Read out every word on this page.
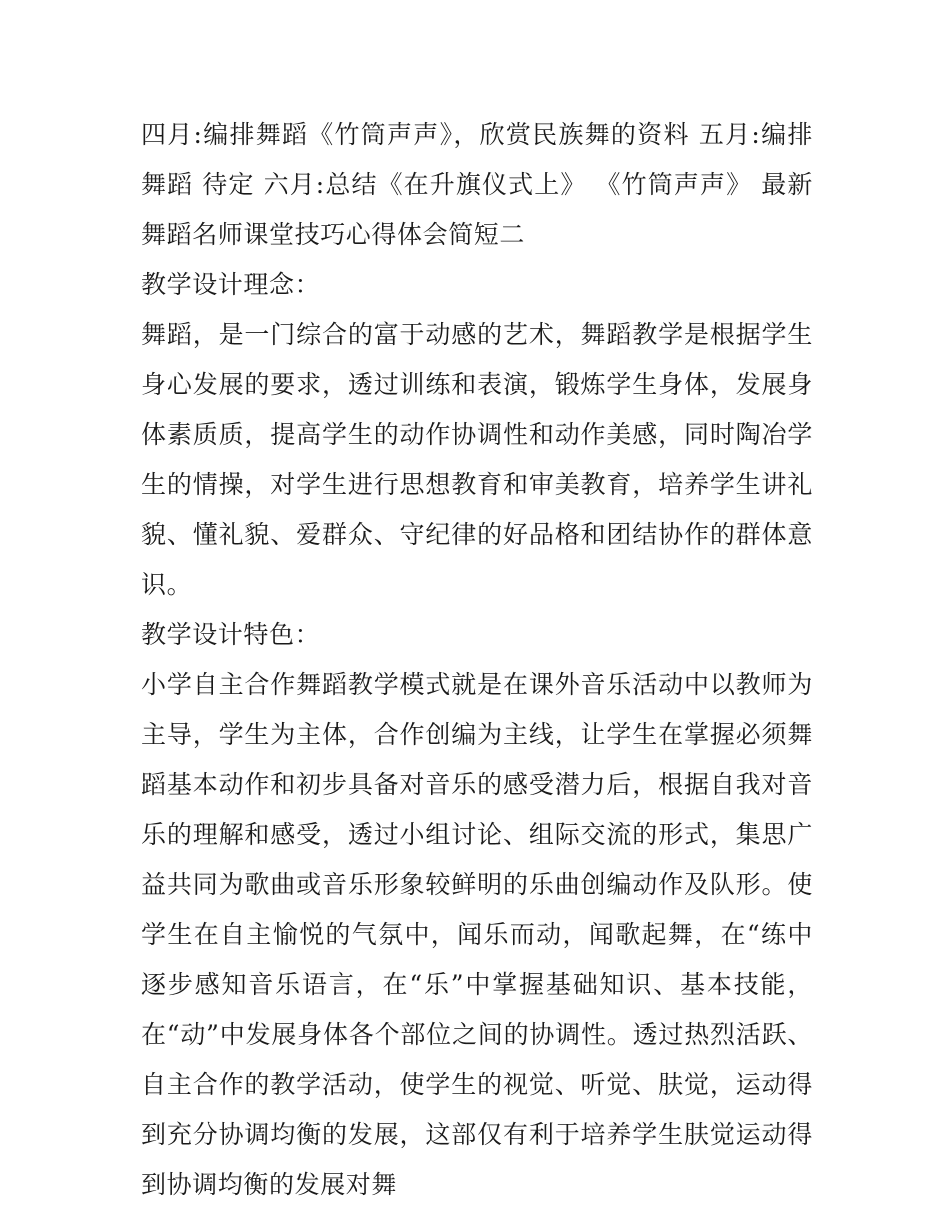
四月:编排舞蹈《竹筒声声》，欣赏民族舞的资料 五月:编排舞蹈 待定 六月:总结《在升旗仪式上》 《竹筒声声》 最新舞蹈名师课堂技巧心得体会简短二

教学设计理念：

舞蹈，是一门综合的富于动感的艺术，舞蹈教学是根据学生身心发展的要求，透过训练和表演，锻炼学生身体，发展身体素质质，提高学生的动作协调性和动作美感，同时陶冶学生的情操，对学生进行思想教育和审美教育，培养学生讲礼貌、懂礼貌、爱群众、守纪律的好品格和团结协作的群体意识。

教学设计特色：

小学自主合作舞蹈教学模式就是在课外音乐活动中以教师为主导，学生为主体，合作创编为主线，让学生在掌握必须舞蹈基本动作和初步具备对音乐的感受潜力后，根据自我对音乐的理解和感受，透过小组讨论、组际交流的形式，集思广益共同为歌曲或音乐形象较鲜明的乐曲创编动作及队形。使学生在自主愉悦的气氛中，闻乐而动，闻歌起舞，在“练中逐步感知音乐语言，在“乐”中掌握基础知识、基本技能，在“动”中发展身体各个部位之间的协调性。透过热烈活跃、自主合作的教学活动，使学生的视觉、听觉、肤觉，运动得到充分协调均衡的发展，这部仅有利于培养学生肤觉运动得到协调均衡的发展对舞
